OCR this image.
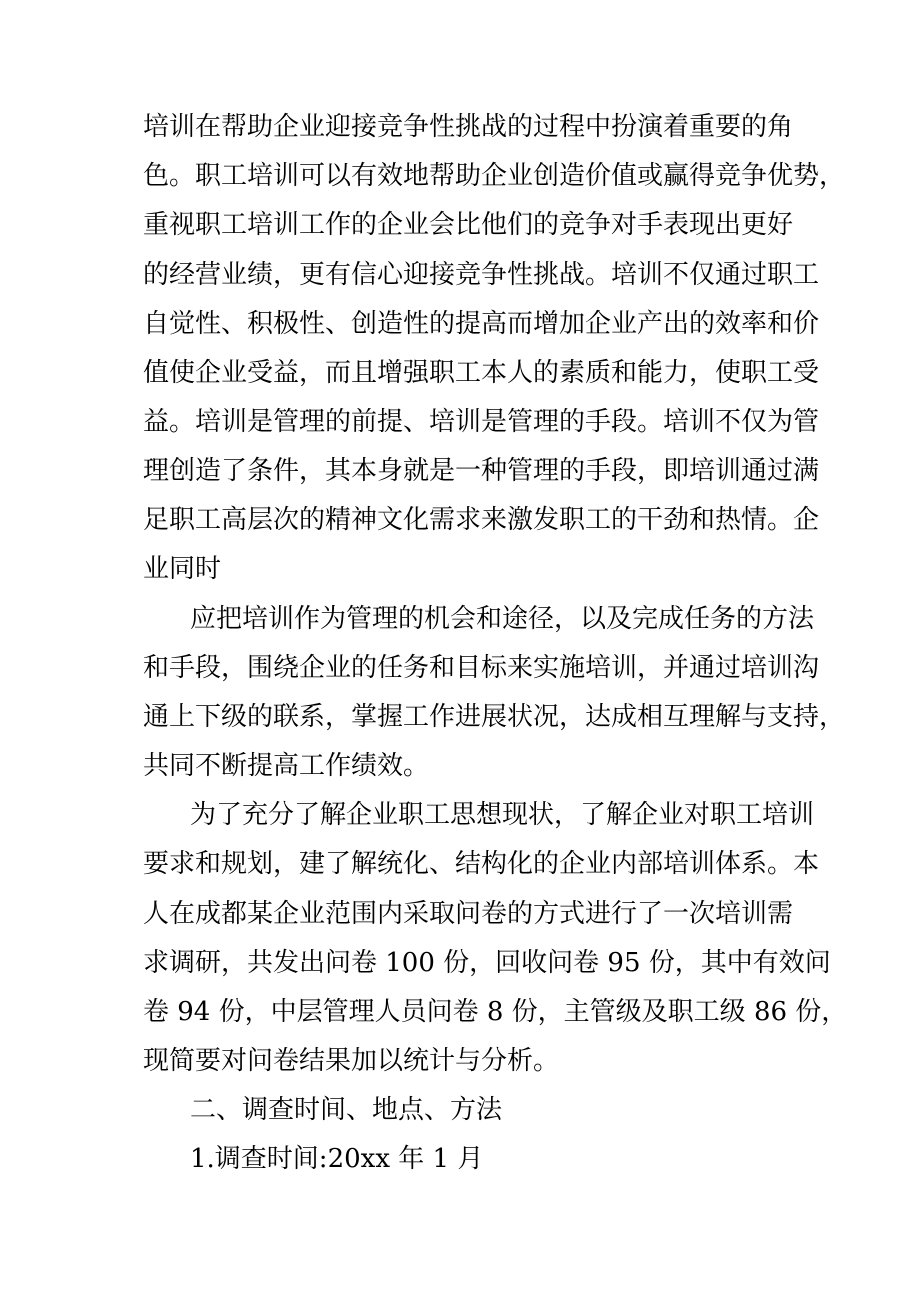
培训在帮助企业迎接竞争性挑战的过程中扮演着重要的角
色。职工培训可以有效地帮助企业创造价值或赢得竞争优势，
重视职工培训工作的企业会比他们的竞争对手表现出更好
的经营业绩，更有信心迎接竞争性挑战。培训不仅通过职工
自觉性、积极性、创造性的提高而增加企业产出的效率和价
值使企业受益，而且增强职工本人的素质和能力，使职工受
益。培训是管理的前提、培训是管理的手段。培训不仅为管
理创造了条件，其本身就是一种管理的手段，即培训通过满
足职工高层次的精神文化需求来激发职工的干劲和热情。企
业同时
应把培训作为管理的机会和途径，以及完成任务的方法
和手段，围绕企业的任务和目标来实施培训，并通过培训沟
通上下级的联系，掌握工作进展状况，达成相互理解与支持，
共同不断提高工作绩效。
为了充分了解企业职工思想现状，了解企业对职工培训
要求和规划，建了解统化、结构化的企业内部培训体系。本
人在成都某企业范围内采取问卷的方式进行了一次培训需
求调研，共发出问卷 100 份，回收问卷 95 份，其中有效问
卷 94 份，中层管理人员问卷 8 份，主管级及职工级 86 份，
现简要对问卷结果加以统计与分析。
二、调查时间、地点、方法
1.调查时间:20xx 年 1 月
